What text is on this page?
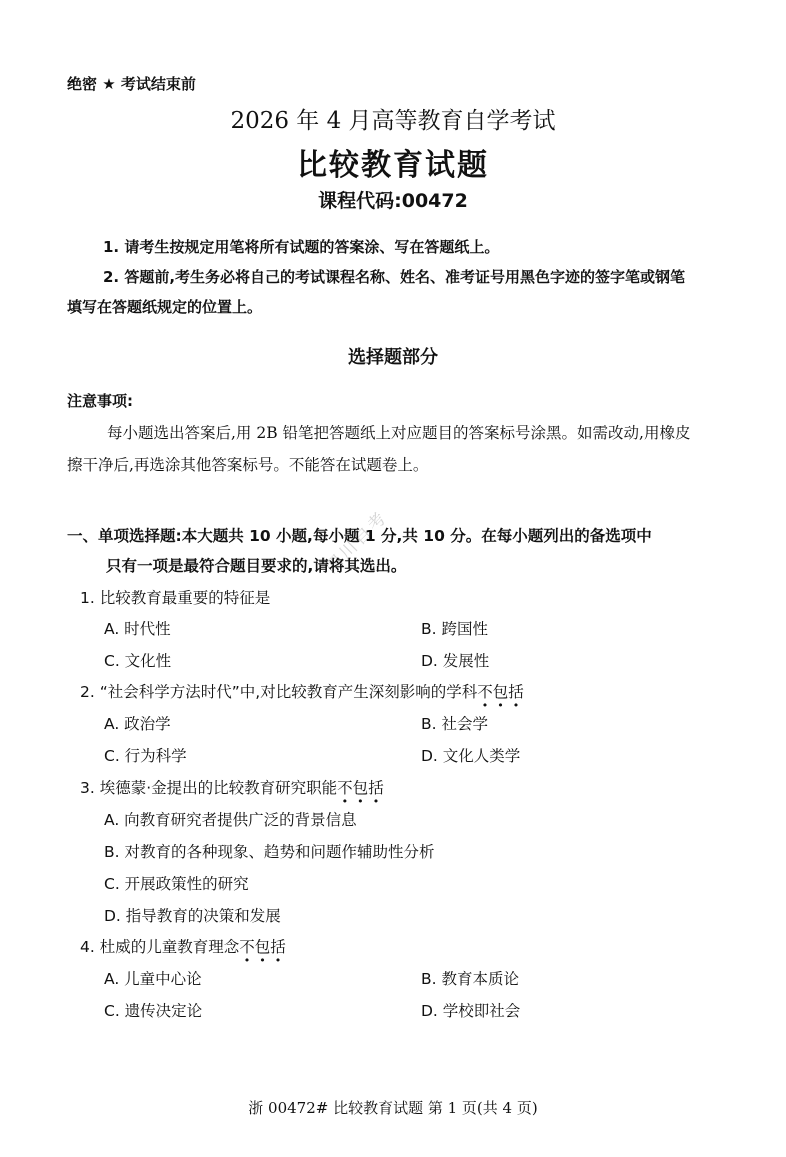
四川自考
绝密 ★ 考试结束前
2026 年 4 月高等教育自学考试
比较教育试题
课程代码:00472
1. 请考生按规定用笔将所有试题的答案涂、写在答题纸上。
2. 答题前,考生务必将自己的考试课程名称、姓名、准考证号用黑色字迹的签字笔或钢笔
填写在答题纸规定的位置上。
选择题部分
注意事项:
每小题选出答案后,用 2B 铅笔把答题纸上对应题目的答案标号涂黑。如需改动,用橡皮
擦干净后,再选涂其他答案标号。不能答在试题卷上。
一、单项选择题:本大题共 10 小题,每小题 1 分,共 10 分。在每小题列出的备选项中
只有一项是最符合题目要求的,请将其选出。
1. 比较教育最重要的特征是
A. 时代性	B. 跨国性
C. 文化性	D. 发展性
2. “社会科学方法时代”中,对比较教育产生深刻影响的学科不包括
A. 政治学	B. 社会学
C. 行为科学	D. 文化人类学
3. 埃德蒙·金提出的比较教育研究职能不包括
A. 向教育研究者提供广泛的背景信息
B. 对教育的各种现象、趋势和问题作辅助性分析
C. 开展政策性的研究
D. 指导教育的决策和发展
4. 杜威的儿童教育理念不包括
A. 儿童中心论	B. 教育本质论
C. 遗传决定论	D. 学校即社会
浙 00472# 比较教育试题 第 1 页(共 4 页)
